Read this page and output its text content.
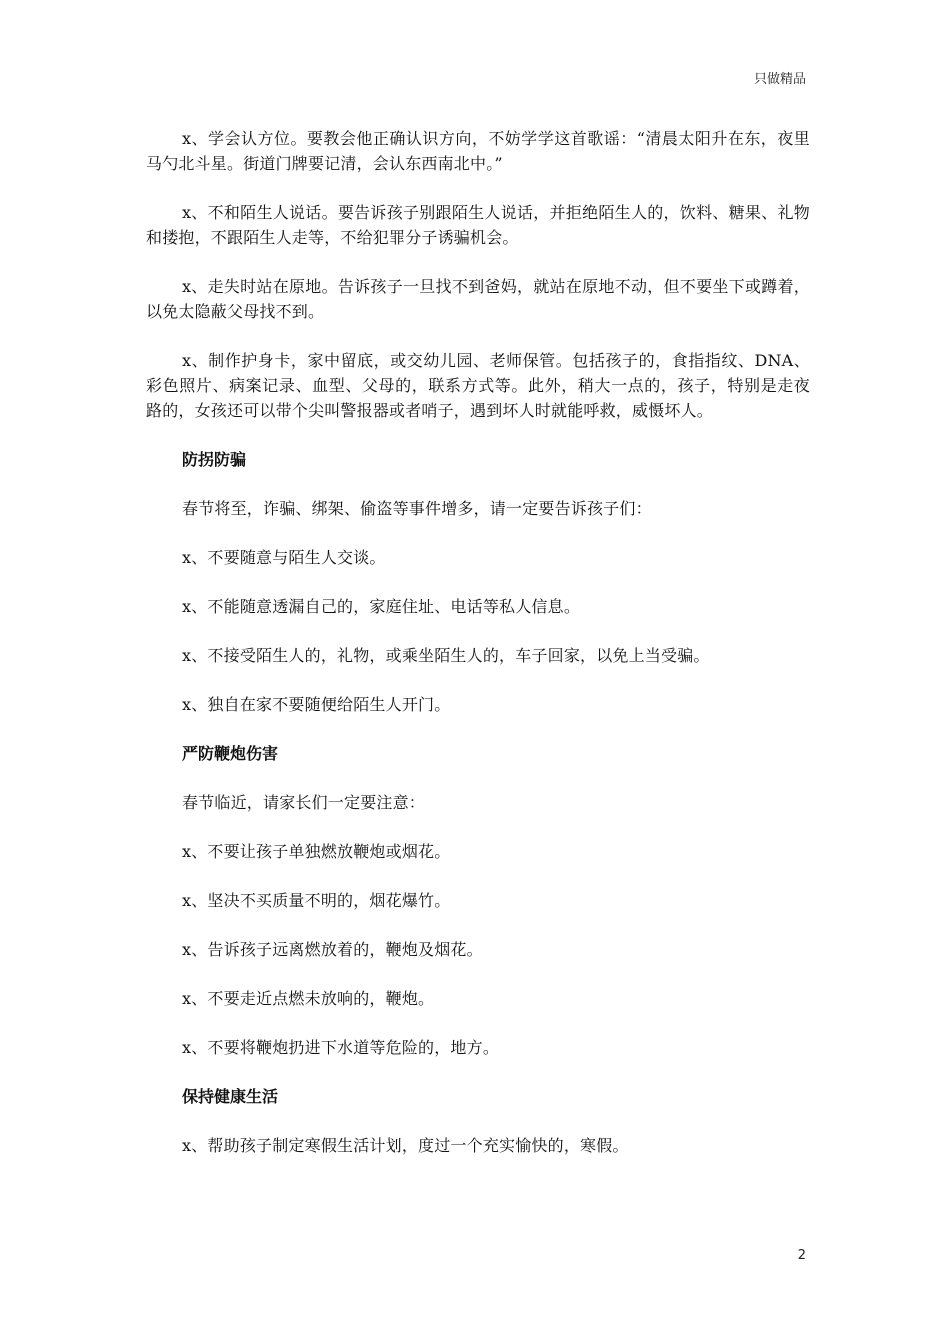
只做精品

x、学会认方位。要教会他正确认识方向，不妨学学这首歌谣：“清晨太阳升在东，夜里马勺北斗星。街道门牌要记清，会认东西南北中。”

x、不和陌生人说话。要告诉孩子别跟陌生人说话，并拒绝陌生人的，饮料、糖果、礼物和搂抱，不跟陌生人走等，不给犯罪分子诱骗机会。

x、走失时站在原地。告诉孩子一旦找不到爸妈，就站在原地不动，但不要坐下或蹲着，以免太隐蔽父母找不到。

x、制作护身卡，家中留底，或交幼儿园、老师保管。包括孩子的，食指指纹、DNA、彩色照片、病案记录、血型、父母的，联系方式等。此外，稍大一点的，孩子，特别是走夜路的，女孩还可以带个尖叫警报器或者哨子，遇到坏人时就能呼救，威慑坏人。

防拐防骗
春节将至，诈骗、绑架、偷盗等事件增多，请一定要告诉孩子们：
x、不要随意与陌生人交谈。
x、不能随意透漏自己的，家庭住址、电话等私人信息。
x、不接受陌生人的，礼物，或乘坐陌生人的，车子回家，以免上当受骗。
x、独自在家不要随便给陌生人开门。
严防鞭炮伤害
春节临近，请家长们一定要注意：
x、不要让孩子单独燃放鞭炮或烟花。
x、坚决不买质量不明的，烟花爆竹。
x、告诉孩子远离燃放着的，鞭炮及烟花。
x、不要走近点燃未放响的，鞭炮。
x、不要将鞭炮扔进下水道等危险的，地方。
保持健康生活
x、帮助孩子制定寒假生活计划，度过一个充实愉快的，寒假。
2
